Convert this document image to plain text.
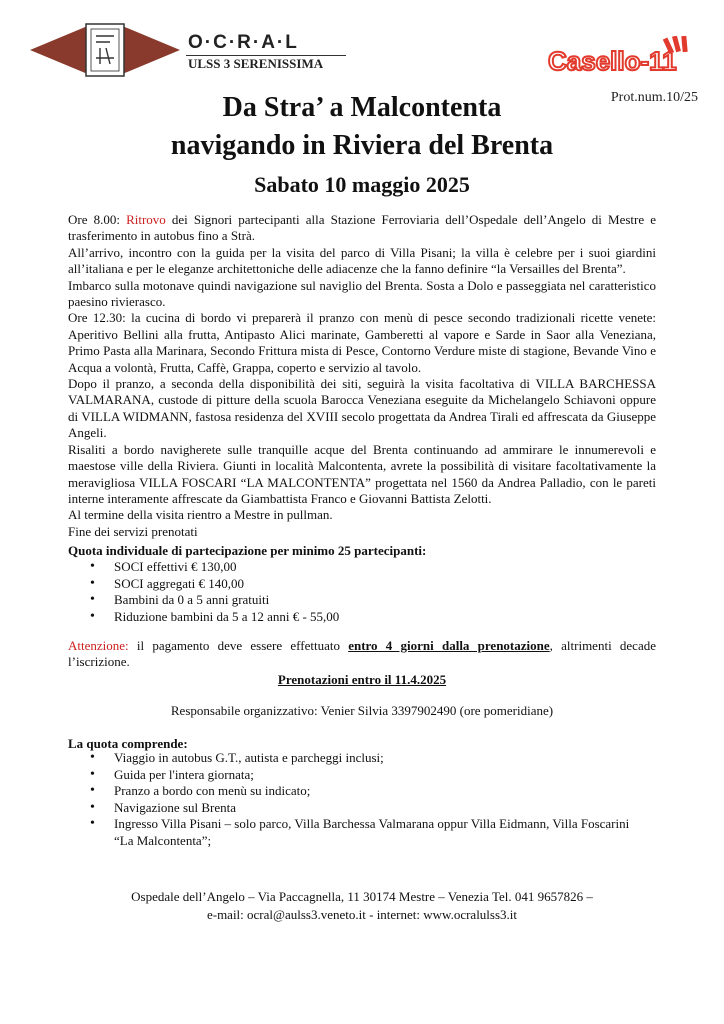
O·C·R·A·L
ULSS 3 SERENISSIMA	Casello-11
Prot.num.10/25
Da Stra’ a Malcontenta
navigando in Riviera del Brenta
Sabato 10 maggio 2025

Ore 8.00: Ritrovo dei Signori partecipanti alla Stazione Ferroviaria dell’Ospedale dell’Angelo di Mestre e trasferimento in autobus fino a Strà.

All’arrivo, incontro con la guida per la visita del parco di Villa Pisani; la villa è celebre per i suoi giardini all’italiana e per le eleganze architettoniche delle adiacenze che la fanno definire “la Versailles del Brenta”.

Imbarco sulla motonave quindi navigazione sul naviglio del Brenta. Sosta a Dolo e passeggiata nel caratteristico paesino rivierasco.

Ore 12.30: la cucina di bordo vi preparerà il pranzo con menù di pesce secondo tradizionali ricette venete: Aperitivo Bellini alla frutta, Antipasto Alici marinate, Gamberetti al vapore e Sarde in Saor alla Veneziana, Primo Pasta alla Marinara, Secondo Frittura mista di Pesce, Contorno Verdure miste di stagione, Bevande Vino e Acqua a volontà, Frutta, Caffè, Grappa, coperto e servizio al tavolo.

Dopo il pranzo, a seconda della disponibilità dei siti, seguirà la visita facoltativa di VILLA BARCHESSA VALMARANA, custode di pitture della scuola Barocca Veneziana eseguite da Michelangelo Schiavoni oppure di VILLA WIDMANN, fastosa residenza del XVIII secolo progettata da Andrea Tirali ed affrescata da Giuseppe Angeli.

Risaliti a bordo navigherete sulle tranquille acque del Brenta continuando ad ammirare le innumerevoli e maestose ville della Riviera. Giunti in località Malcontenta, avrete la possibilità di visitare facoltativamente la meravigliosa VILLA FOSCARI “LA MALCONTENTA” progettata nel 1560 da Andrea Palladio, con le pareti interne interamente affrescate da Giambattista Franco e Giovanni Battista Zelotti.

Al termine della visita rientro a Mestre in pullman.

Fine dei servizi prenotati

Quota individuale di partecipazione per minimo 25 partecipanti:
• SOCI effettivi € 130,00
• SOCI aggregati € 140,00
• Bambini da 0 a 5 anni gratuiti
• Riduzione bambini da 5 a 12 anni € - 55,00
Attenzione: il pagamento deve essere effettuato entro 4 giorni dalla prenotazione, altrimenti decade l’iscrizione.
Prenotazioni entro il 11.4.2025
Responsabile organizzativo: Venier Silvia 3397902490 (ore pomeridiane)
La quota comprende:
• Viaggio in autobus G.T., autista e parcheggi inclusi;
• Guida per l'intera giornata;
• Pranzo a bordo con menù su indicato;
• Navigazione sul Brenta
• Ingresso Villa Pisani – solo parco, Villa Barchessa Valmarana oppur Villa Eidmann, Villa Foscarini “La Malcontenta”;
Ospedale dell’Angelo – Via Paccagnella, 11 30174 Mestre – Venezia Tel. 041 9657826 –
e-mail: ocral@aulss3.veneto.it - internet: www.ocralulss3.it
